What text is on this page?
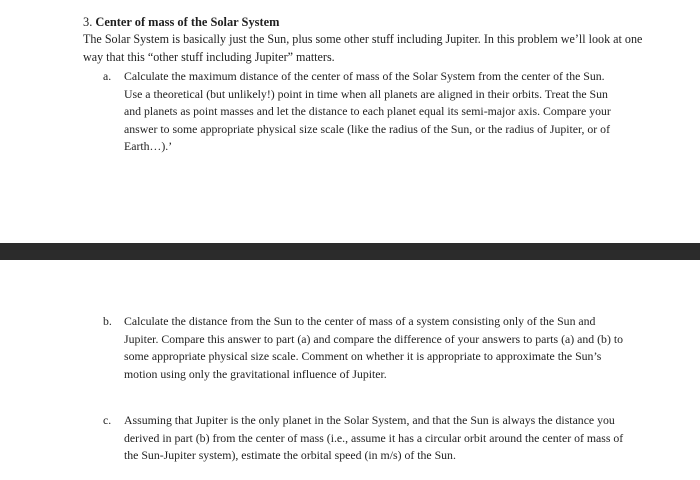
3. Center of mass of the Solar System
The Solar System is basically just the Sun, plus some other stuff including Jupiter. In this problem we’ll look at one way that this “other stuff including Jupiter” matters.
a. Calculate the maximum distance of the center of mass of the Solar System from the center of the Sun. Use a theoretical (but unlikely!) point in time when all planets are aligned in their orbits. Treat the Sun and planets as point masses and let the distance to each planet equal its semi-major axis. Compare your answer to some appropriate physical size scale (like the radius of the Sun, or the radius of Jupiter, or of Earth…).’
b. Calculate the distance from the Sun to the center of mass of a system consisting only of the Sun and Jupiter. Compare this answer to part (a) and compare the difference of your answers to parts (a) and (b) to some appropriate physical size scale. Comment on whether it is appropriate to approximate the Sun’s motion using only the gravitational influence of Jupiter.
c. Assuming that Jupiter is the only planet in the Solar System, and that the Sun is always the distance you derived in part (b) from the center of mass (i.e., assume it has a circular orbit around the center of mass of the Sun-Jupiter system), estimate the orbital speed (in m/s) of the Sun.
